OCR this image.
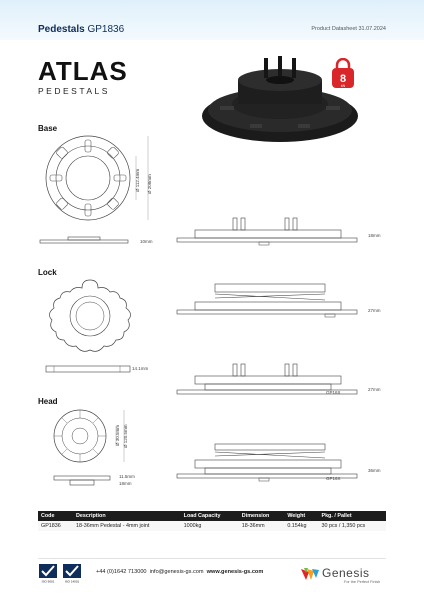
Pedestals GP1836	Product Datasheet 31.07.2024
ATLAS
PEDESTALS
8
kN
Base
Lock
Head
Ø 112.4mm Ø 208mm
10mm
18mm
14.1mm
27mm
27mm
GP16X
Ø 30.5mm Ø 120.5mm
11.5mm
18mm
36mm
GP16X
Code	Description	Load Capacity	Dimension	Weight	Pkg. / Pallet
GP1836	18-36mm Pedestal - 4mm joint	1000kg	18-36mm	0.154kg	30 pcs / 1,350 pcs
ISO 9001	ISO 14001
+44 (0)1642 713000 info@genesis-gs.com www.genesis-gs.com	Genesis
For the Perfect Finish
